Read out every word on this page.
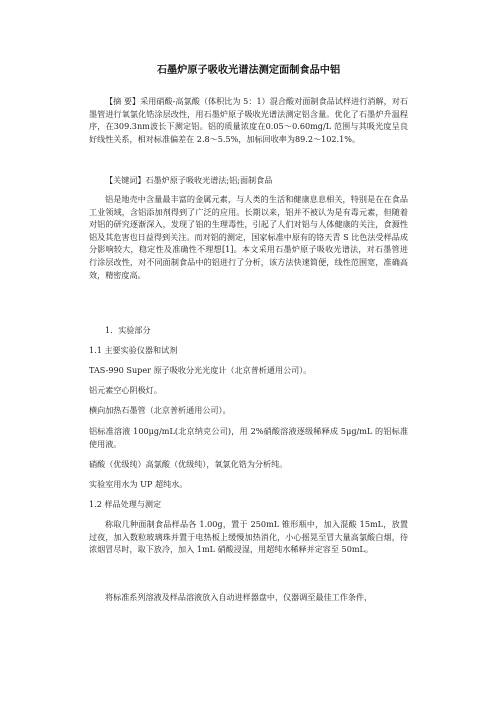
石墨炉原子吸收光谱法测定面制食品中铝

【摘 要】采用硝酸-高氯酸（体积比为 5：1）混合酸对面制食品试样进行消解，对石墨管进行氧氯化锆涂层改性，用石墨炉原子吸收光谱法测定铝含量。优化了石墨炉升温程序，在309.3nm波长下测定铝。铝的质量浓度在0.05～0.60mg/L 范围与其吸光度呈良好线性关系，相对标准偏差在 2.8～5.5%，加标回收率为89.2～102.1%。

【关键词】石墨炉原子吸收光谱法;铝;面制食品

铝是地壳中含量最丰富的金属元素，与人类的生活和健康息息相关，特别是在在食品工业领域，含铝添加剂得到了广泛的应用。长期以来，铝并不被认为是有毒元素，但随着对铝的研究逐渐深入，发现了铝的生理毒性，引起了人们对铝与人体健康的关注，食源性铝及其危害也日益得到关注。而对铝的测定，国家标准中原有的铬天青 S 比色法受样品成分影响较大，稳定性及准确性不理想[1]。本文采用石墨炉原子吸收光谱法，对石墨管进行涂层改性，对不同面制食品中的铝进行了分析，该方法快速简便，线性范围宽，准确高效，精密度高。

1．实验部分

1.1 主要实验仪器和试剂

TAS-990 Super 原子吸收分光光度计（北京普析通用公司）。

铝元素空心阴极灯。

横向加热石墨管（北京普析通用公司）。

铝标准溶液 100μg/mL(北京纳克公司)，用 2%硝酸溶液逐级稀释成 5μg/mL 的铝标准使用液。

硝酸（优级纯）高氯酸（优级纯），氧氯化锆为分析纯。

实验室用水为 UP 超纯水。

1.2 样品处理与测定

称取几种面制食品样品各 1.00g，置于 250mL 锥形瓶中，加入混酸 15mL，放置过夜，加入数粒玻璃珠并置于电热板上缓慢加热消化，小心摇晃至冒大量高氯酸白烟，待浓烟冒尽时，取下放冷，加入 1mL 硝酸浸湿，用超纯水稀释并定容至 50mL。

将标准系列溶液及样品溶液放入自动进样器盘中，仪器调至最佳工作条件，
